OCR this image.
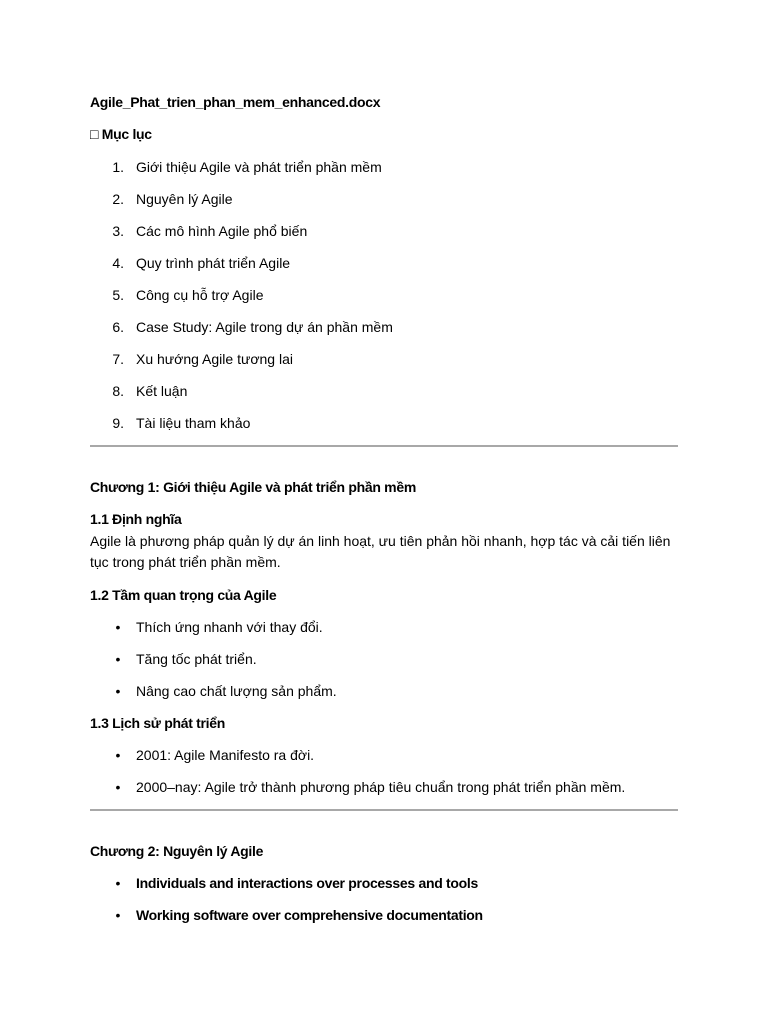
Agile_Phat_trien_phan_mem_enhanced.docx
□ Mục lục
1. Giới thiệu Agile và phát triển phần mềm
2. Nguyên lý Agile
3. Các mô hình Agile phổ biến
4. Quy trình phát triển Agile
5. Công cụ hỗ trợ Agile
6. Case Study: Agile trong dự án phần mềm
7. Xu hướng Agile tương lai
8. Kết luận
9. Tài liệu tham khảo
Chương 1: Giới thiệu Agile và phát triển phần mềm
1.1 Định nghĩa
Agile là phương pháp quản lý dự án linh hoạt, ưu tiên phản hồi nhanh, hợp tác và cải tiến liên tục trong phát triển phần mềm.
1.2 Tầm quan trọng của Agile
• Thích ứng nhanh với thay đổi.
• Tăng tốc phát triển.
• Nâng cao chất lượng sản phẩm.
1.3 Lịch sử phát triển
• 2001: Agile Manifesto ra đời.
• 2000–nay: Agile trở thành phương pháp tiêu chuẩn trong phát triển phần mềm.
Chương 2: Nguyên lý Agile
• Individuals and interactions over processes and tools
• Working software over comprehensive documentation
